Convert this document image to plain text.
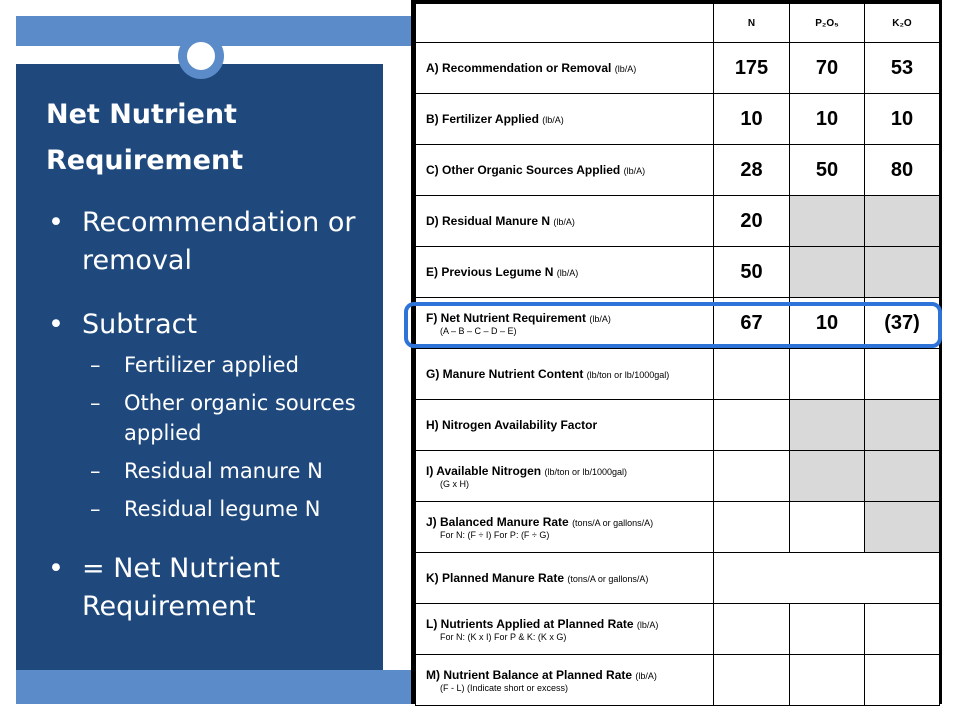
Net Nutrient Requirement
• Recommendation or removal
• Subtract
– Fertilizer applied
– Other organic sources applied
– Residual manure N
– Residual legume N
• = Net Nutrient Requirement
	N	P₂O₅	K₂O
A) Recommendation or Removal (lb/A)	175	70	53
B) Fertilizer Applied (lb/A)	10	10	10
C) Other Organic Sources Applied (lb/A)	28	50	80
D) Residual Manure N (lb/A)	20		
E) Previous Legume N (lb/A)	50		
F) Net Nutrient Requirement (lb/A)
(A – B – C – D – E)	67	10	(37)
G) Manure Nutrient Content (lb/ton or lb/1000gal)			
H) Nitrogen Availability Factor			
I) Available Nitrogen (lb/ton or lb/1000gal)
(G x H)			

J) Balanced Manure Rate (tons/A or gallons/A)
For N: (F ÷ I) For P: (F ÷ G)			

K) Planned Manure Rate (tons/A or gallons/A)			
L) Nutrients Applied at Planned Rate (lb/A)
For N: (K x I) For P & K: (K x G)			

M) Nutrient Balance at Planned Rate (lb/A)
(F - L) (Indicate short or excess)			
